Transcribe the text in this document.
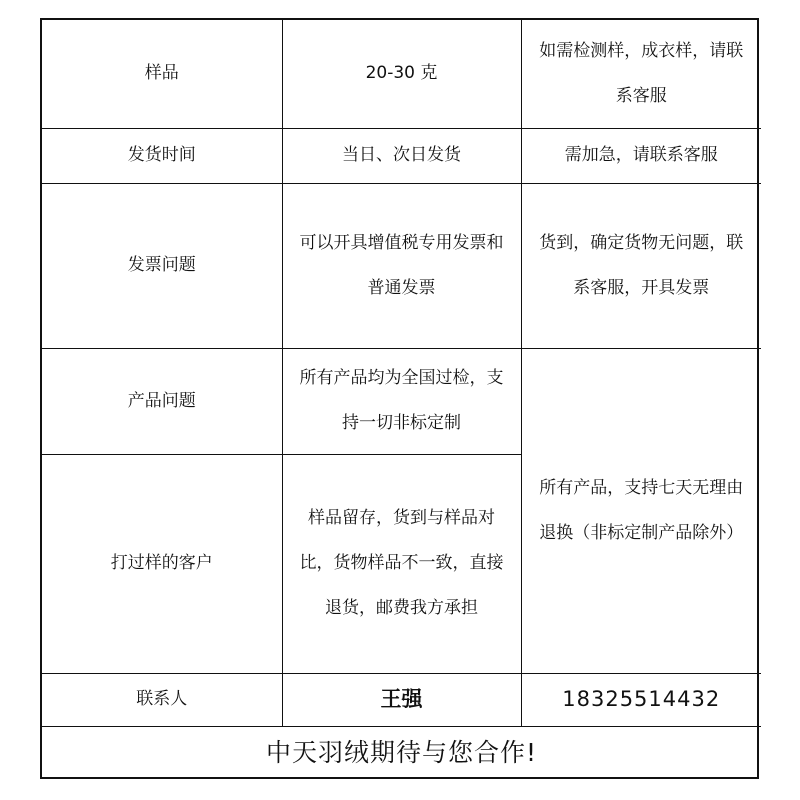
样品	20-30 克	如需检测样，成衣样，请联系客服

发货时间	当日、次日发货	需加急，请联系客服

发票问题	可以开具增值税专用发票和普通发票	货到，确定货物无问题，联系客服，开具发票

产品问题	所有产品均为全国过检，支持一切非标定制	所有产品，支持七天无理由退换（非标定制产品除外）

打过样的客户	样品留存，货到与样品对比，货物样品不一致，直接退货，邮费我方承担	

联系人	王强	18325514432

中天羽绒期待与您合作!		
